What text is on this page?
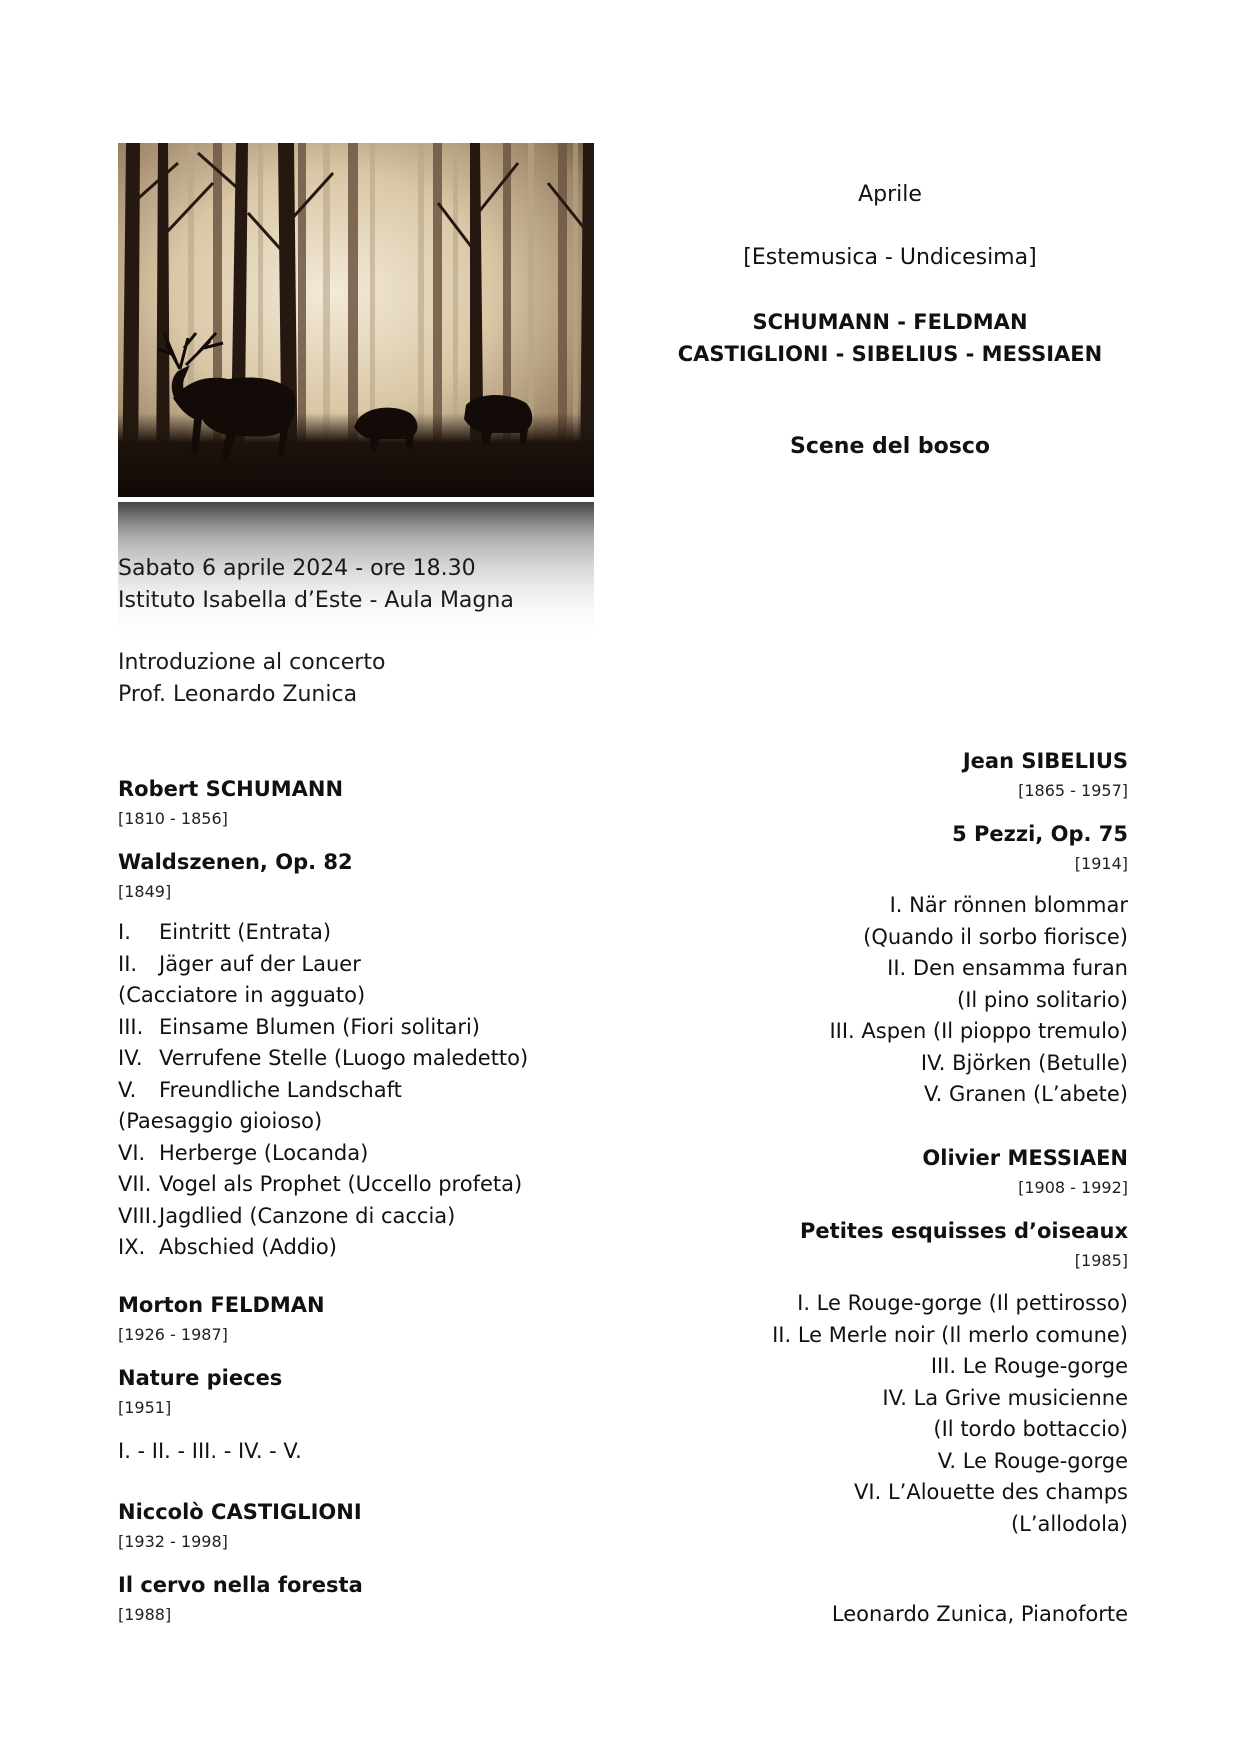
Aprile
[Estemusica - Undicesima]
SCHUMANN - FELDMAN
CASTIGLIONI - SIBELIUS - MESSIAEN
Scene del bosco
Sabato 6 aprile 2024 - ore 18.30
Istituto Isabella d’Este - Aula Magna
Introduzione al concerto
Prof. Leonardo Zunica
Robert SCHUMANN
[1810 - 1856]
Waldszenen, Op. 82
[1849]
I. Eintritt (Entrata)
II. Jäger auf der Lauer
(Cacciatore in agguato)
III. Einsame Blumen (Fiori solitari)
IV. Verrufene Stelle (Luogo maledetto)
V. Freundliche Landschaft
(Paesaggio gioioso)
VI. Herberge (Locanda)
VII. Vogel als Prophet (Uccello profeta)
VIII.Jagdlied (Canzone di caccia)
IX. Abschied (Addio)
Morton FELDMAN
[1926 - 1987]
Nature pieces
[1951]
I. - II. - III. - IV. - V.
Niccolò CASTIGLIONI
[1932 - 1998]
Il cervo nella foresta
[1988]
Jean SIBELIUS
[1865 - 1957]
5 Pezzi, Op. 75
[1914]
I. När rönnen blommar
(Quando il sorbo fiorisce)
II. Den ensamma furan
(Il pino solitario)
III. Aspen (Il pioppo tremulo)
IV. Björken (Betulle)
V. Granen (L’abete)
Olivier MESSIAEN
[1908 - 1992]
Petites esquisses d’oiseaux
[1985]
I. Le Rouge-gorge (Il pettirosso)
II. Le Merle noir (Il merlo comune)
III. Le Rouge-gorge
IV. La Grive musicienne
(Il tordo bottaccio)
V. Le Rouge-gorge
VI. L’Alouette des champs
(L’allodola)
Leonardo Zunica, Pianoforte
